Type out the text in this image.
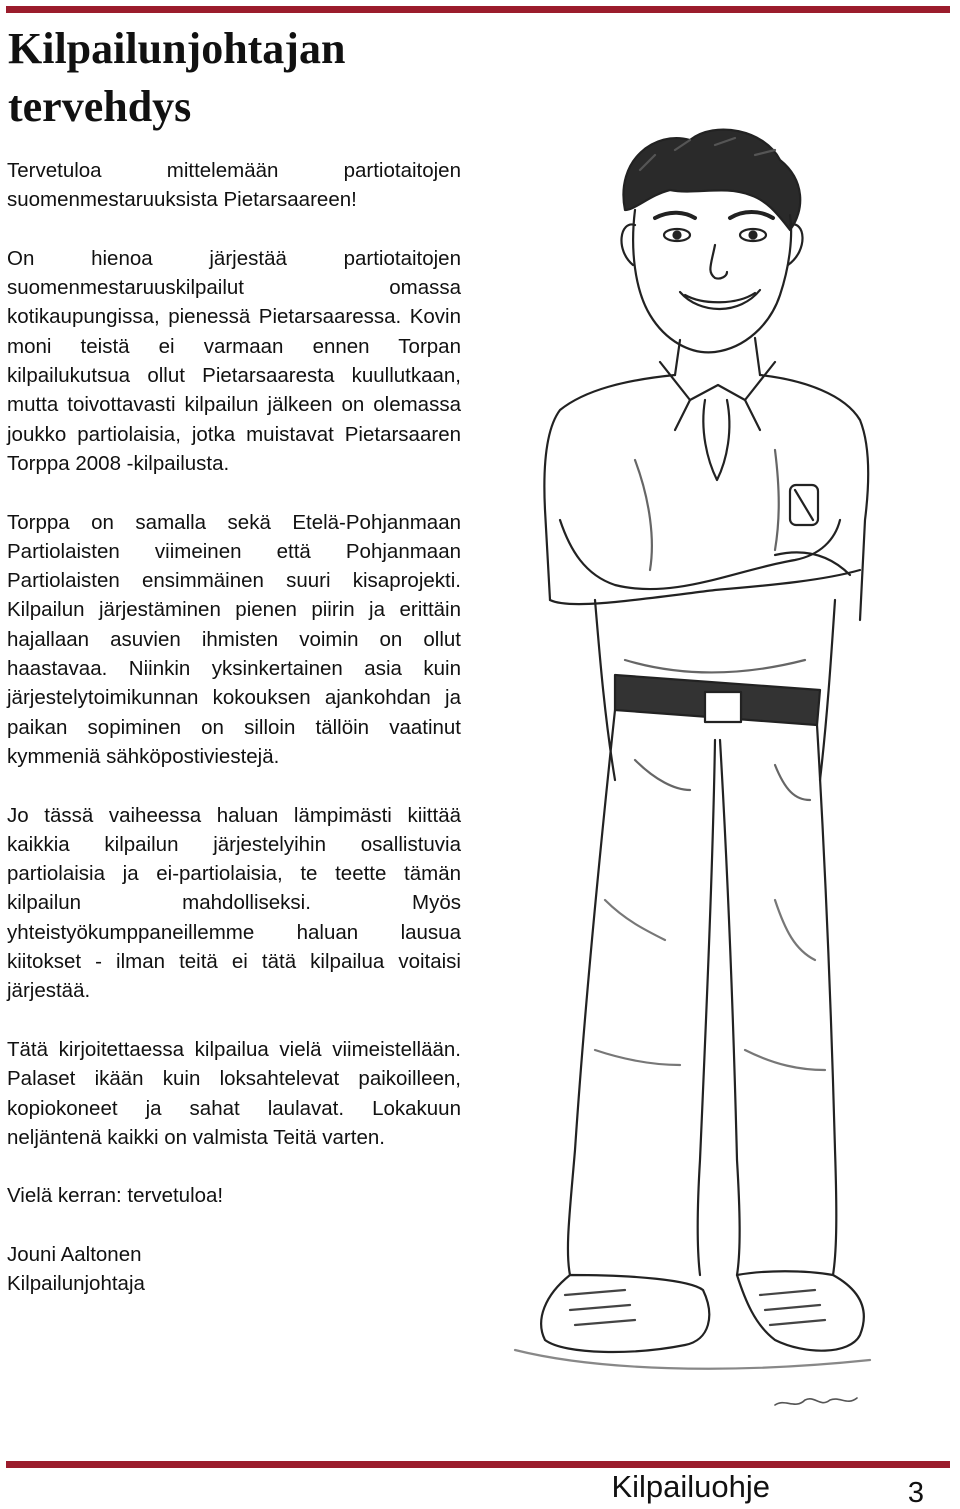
Kilpailunjohtajan tervehdys

Tervetuloa mittelemään partiotaitojen suomenmestaruuksista Pietarsaareen!

On hienoa järjestää partiotaitojen suomenmestaruuskilpailut omassa kotikaupungissa, pienessä Pietarsaaressa. Kovin moni teistä ei varmaan ennen Torpan kilpailukutsua ollut Pietarsaaresta kuullutkaan, mutta toivottavasti kilpailun jälkeen on olemassa joukko partiolaisia, jotka muistavat Pietarsaaren Torppa 2008 -kilpailusta.

Torppa on samalla sekä Etelä-Pohjanmaan Partiolaisten viimeinen että Pohjanmaan Partiolaisten ensimmäinen suuri kisaprojekti. Kilpailun järjestäminen pienen piirin ja erittäin hajallaan asuvien ihmisten voimin on ollut haastavaa. Niinkin yksinkertainen asia kuin järjestelytoimikunnan kokouksen ajankohdan ja paikan sopiminen on silloin tällöin vaatinut kymmeniä sähköpostiviestejä.

Jo tässä vaiheessa haluan lämpimästi kiittää kaikkia kilpailun järjestelyihin osallistuvia partiolaisia ja ei-partiolaisia, te teette tämän kilpailun mahdolliseksi. Myös yhteistyökumppaneillemme haluan lausua kiitokset - ilman teitä ei tätä kilpailua voitaisi järjestää.

Tätä kirjoitettaessa kilpailua vielä viimeistellään. Palaset ikään kuin loksahtelevat paikoilleen, kopiokoneet ja sahat laulavat. Lokakuun neljäntenä kaikki on valmista Teitä varten.

Vielä kerran: tervetuloa!

Jouni Aaltonen
Kilpailunjohtaja

Kilpailuohje	3
